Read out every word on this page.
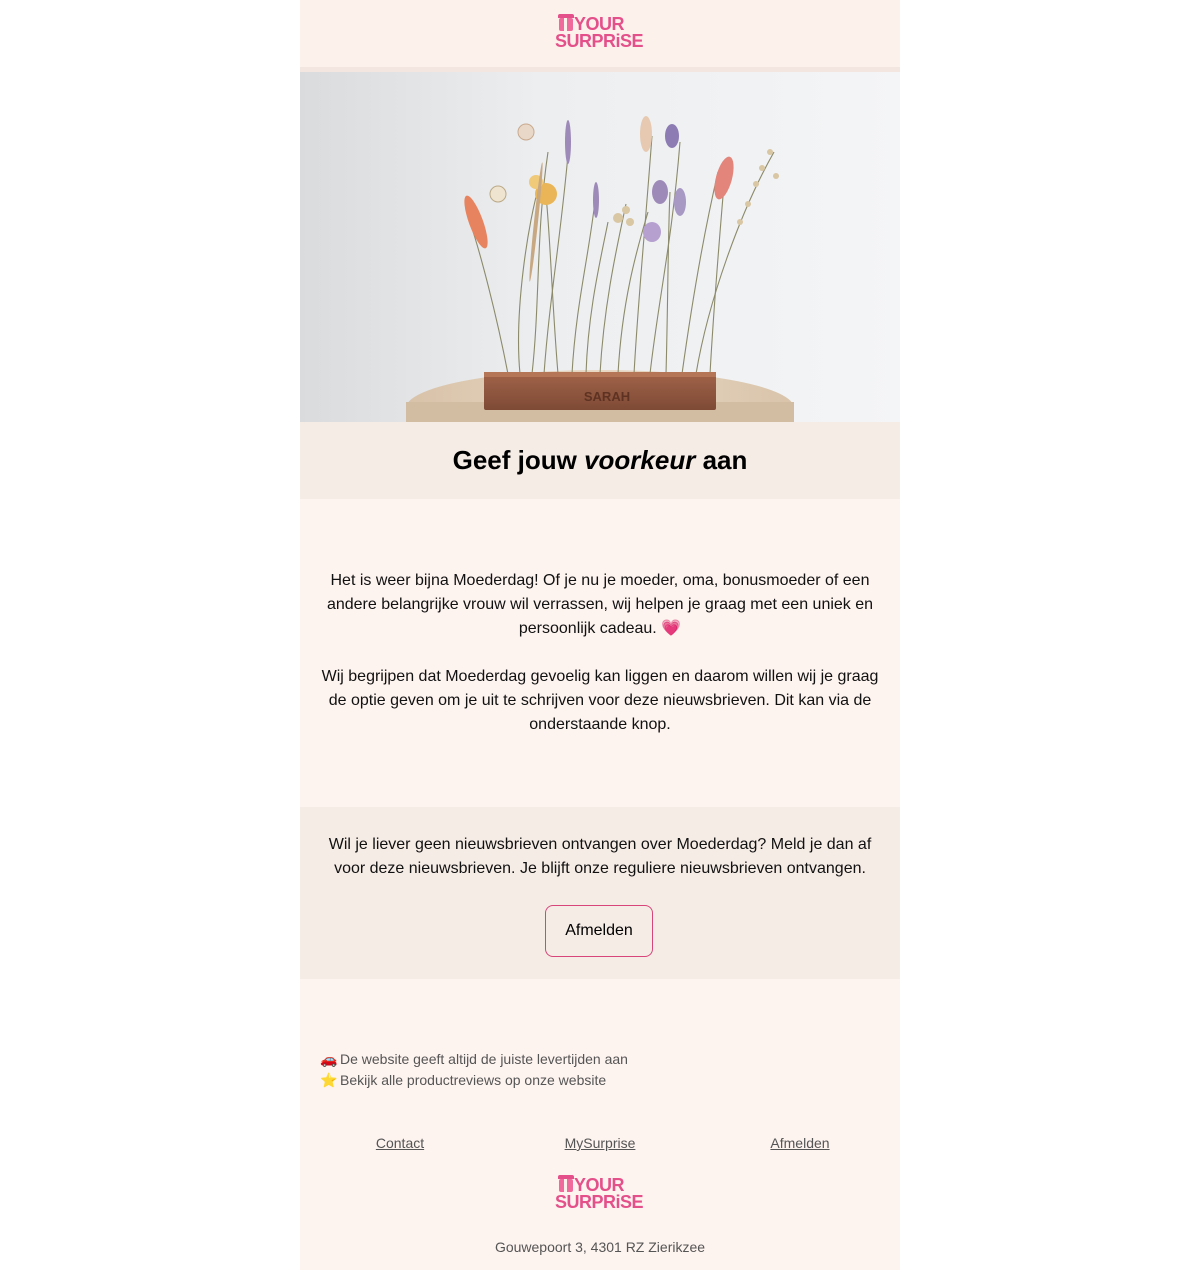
YOUR
SURPRiSE
SARAH
Geef jouw voorkeur aan

Het is weer bijna Moederdag! Of je nu je moeder, oma, bonusmoeder of een andere belangrijke vrouw wil verrassen, wij helpen je graag met een uniek en persoonlijk cadeau. 💗

Wij begrijpen dat Moederdag gevoelig kan liggen en daarom willen wij je graag de optie geven om je uit te schrijven voor deze nieuwsbrieven. Dit kan via de onderstaande knop.

Wil je liever geen nieuwsbrieven ontvangen over Moederdag? Meld je dan af voor deze nieuwsbrieven. Je blijft onze reguliere nieuwsbrieven ontvangen.

Afmelden
🚗 De website geeft altijd de juiste levertijden aan
⭐ Bekijk alle productreviews op onze website
Contact	MySurprise	Afmelden
YOUR
SURPRiSE
Gouwepoort 3, 4301 RZ Zierikzee
